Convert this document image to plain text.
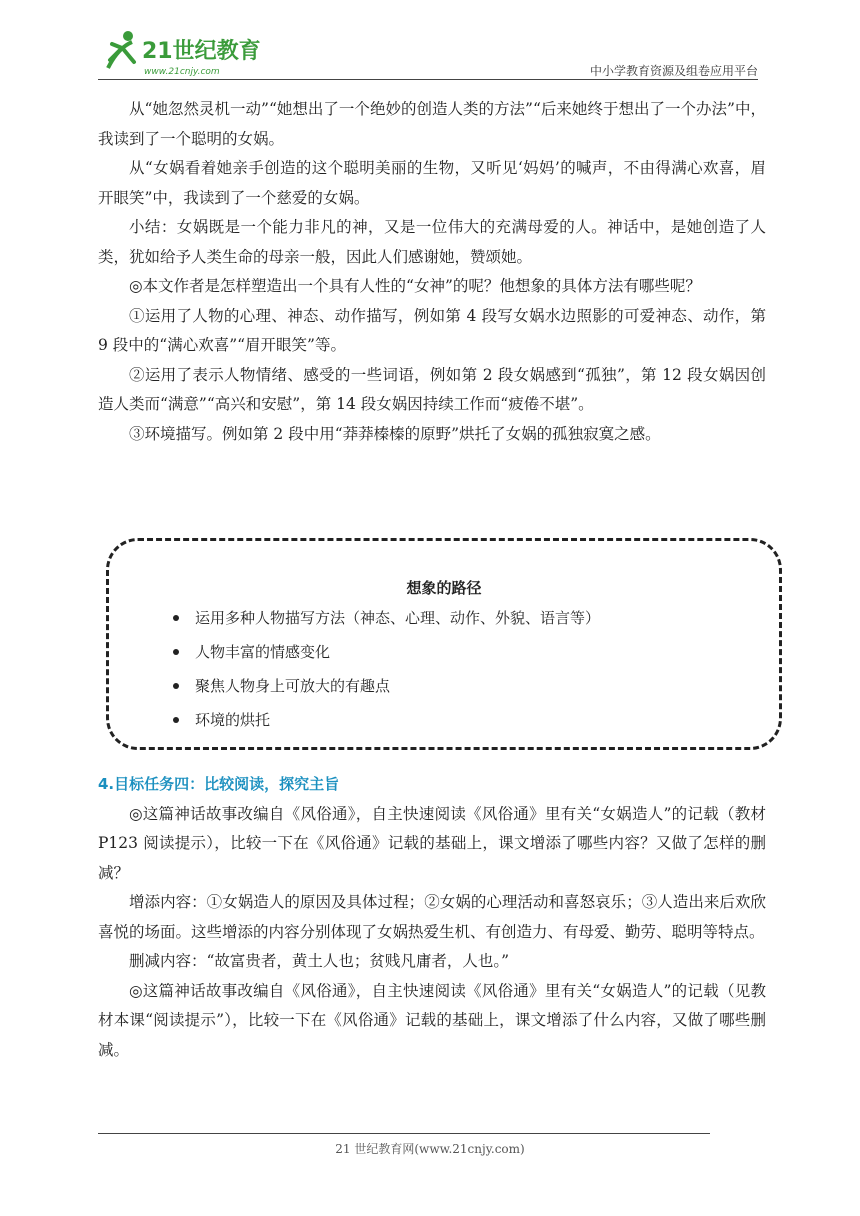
21世纪教育
www.21cnjy.com	中小学教育资源及组卷应用平台

从“她忽然灵机一动”“她想出了一个绝妙的创造人类的方法”“后来她终于想出了一个办法”中，我读到了一个聪明的女娲。

从“女娲看着她亲手创造的这个聪明美丽的生物，又听见‘妈妈’的喊声，不由得满心欢喜，眉开眼笑”中，我读到了一个慈爱的女娲。

小结：女娲既是一个能力非凡的神，又是一位伟大的充满母爱的人。神话中，是她创造了人类，犹如给予人类生命的母亲一般，因此人们感谢她，赞颂她。

◎本文作者是怎样塑造出一个具有人性的“女神”的呢？他想象的具体方法有哪些呢？

①运用了人物的心理、神态、动作描写，例如第 4 段写女娲水边照影的可爱神态、动作，第 9 段中的“满心欢喜”“眉开眼笑”等。

②运用了表示人物情绪、感受的一些词语，例如第 2 段女娲感到“孤独”，第 12 段女娲因创造人类而“满意”“高兴和安慰”，第 14 段女娲因持续工作而“疲倦不堪”。

③环境描写。例如第 2 段中用“莽莽榛榛的原野”烘托了女娲的孤独寂寞之感。

想象的路径
运用多种人物描写方法（神态、心理、动作、外貌、语言等）
人物丰富的情感变化
聚焦人物身上可放大的有趣点
环境的烘托

4.目标任务四：比较阅读，探究主旨

◎这篇神话故事改编自《风俗通》，自主快速阅读《风俗通》里有关“女娲造人”的记载（教材 P123 阅读提示），比较一下在《风俗通》记载的基础上，课文增添了哪些内容？又做了怎样的删减？

增添内容：①女娲造人的原因及具体过程；②女娲的心理活动和喜怒哀乐；③人造出来后欢欣喜悦的场面。这些增添的内容分别体现了女娲热爱生机、有创造力、有母爱、勤劳、聪明等特点。

删减内容：“故富贵者，黄土人也；贫贱凡庸者，人也。”

◎这篇神话故事改编自《风俗通》，自主快速阅读《风俗通》里有关“女娲造人”的记载（见教材本课“阅读提示”），比较一下在《风俗通》记载的基础上，课文增添了什么内容，又做了哪些删减。

21 世纪教育网(www.21cnjy.com)
